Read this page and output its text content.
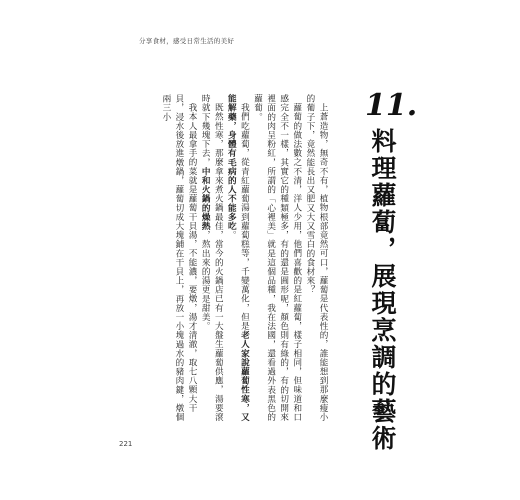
分享食材，感受日常生活的美好
11.
料理蘿蔔，展現烹調的藝術

上蒼造物，無奇不有，植物根部竟然可口，蘿蔔是代表性的，誰能想到那麼瘦小的葡子下，竟然能長出又肥又大又雪白的食材來？

蘿蔔的做法數之不清，洋人少用，他們喜歡的是紅蘿蔔，樣子相同，但味道和口感完全不一樣，其實它的種類極多，有的還是圓形呢，顏色則有綠的，有的切開來裡面的肉呈粉紅，所謂的「心裡美」就是這個品種，我在法國，還看過外表黑色的蘿蔔。

我們吃蘿蔔，從青紅蘿蔔湯到蘿蔔糕等，千變萬化，但是老人家說蘿蔔性寒，又能解藥，身體有毛病的人不能多吃。

既然性寒，那麼拿來煮火鍋最佳，當今的火鍋店已有一大盤生蘿蔔供應，湯要滾時就下幾塊下去，中和火鍋的燥熱，熬出來的湯更是甜美。

我本人最拿手的菜就是蘿蔔干貝湯，不能濃，要燉，湯才清澈，取七八顆大干貝，浸水後放進燉鍋，蘿蔔切成大塊鋪在干貝上，再放一小塊過水的豬肉鍵，燉個兩三小

221
